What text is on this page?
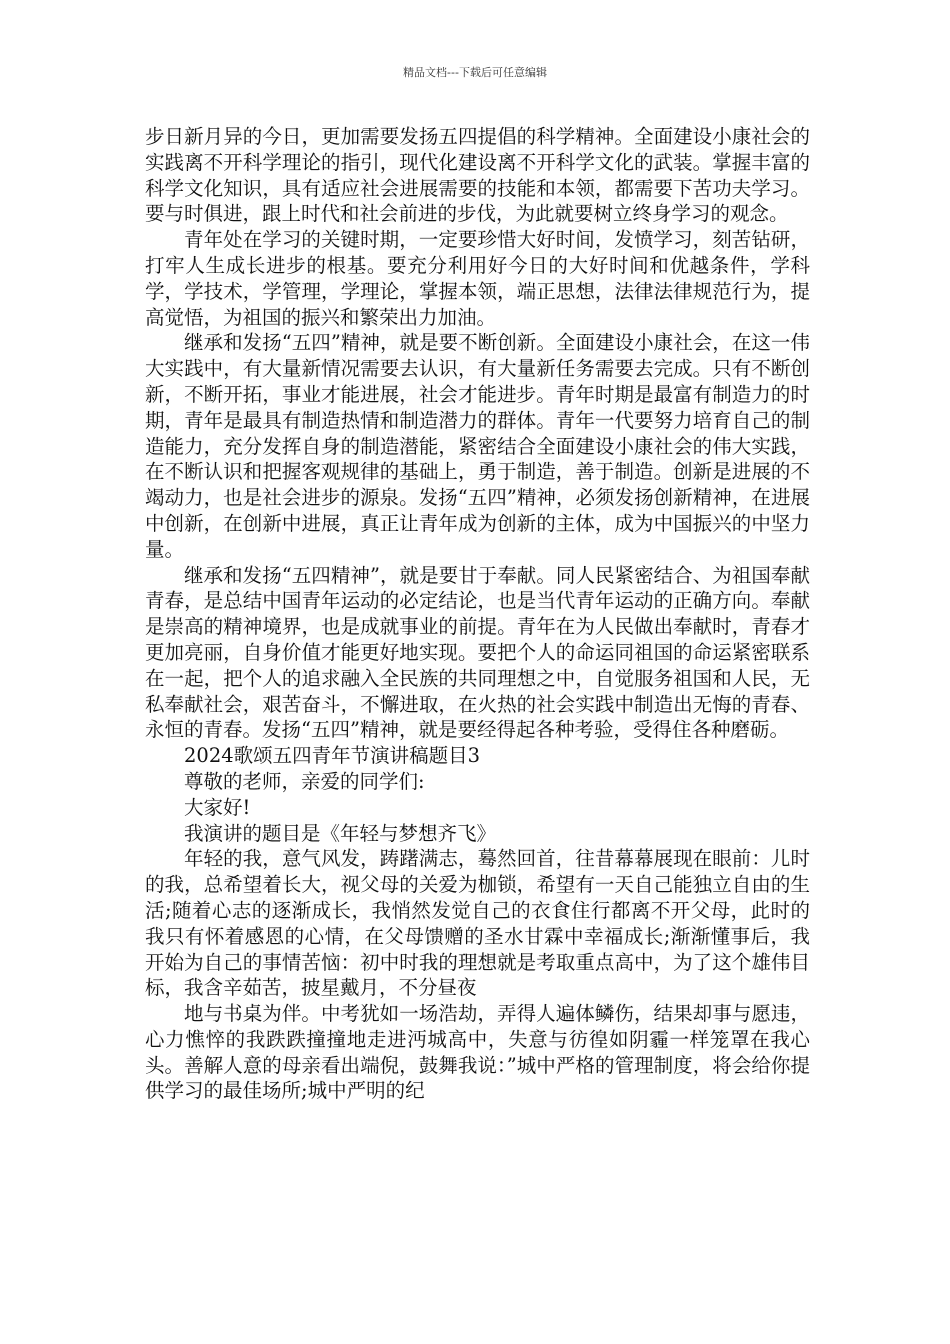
精品文档---下载后可任意编辑

步日新月异的今日，更加需要发扬五四提倡的科学精神。全面建设小康社会的实践离不开科学理论的指引，现代化建设离不开科学文化的武装。掌握丰富的科学文化知识，具有适应社会进展需要的技能和本领，都需要下苦功夫学习。要与时俱进，跟上时代和社会前进的步伐，为此就要树立终身学习的观念。

青年处在学习的关键时期，一定要珍惜大好时间，发愤学习，刻苦钻研，打牢人生成长进步的根基。要充分利用好今日的大好时间和优越条件，学科学，学技术，学管理，学理论，掌握本领，端正思想，法律法律规范行为，提高觉悟，为祖国的振兴和繁荣出力加油。

继承和发扬“五四”精神，就是要不断创新。全面建设小康社会，在这一伟大实践中，有大量新情况需要去认识，有大量新任务需要去完成。只有不断创新，不断开拓，事业才能进展，社会才能进步。青年时期是最富有制造力的时期，青年是最具有制造热情和制造潜力的群体。青年一代要努力培育自己的制造能力，充分发挥自身的制造潜能，紧密结合全面建设小康社会的伟大实践，在不断认识和把握客观规律的基础上，勇于制造，善于制造。创新是进展的不竭动力，也是社会进步的源泉。发扬“五四”精神，必须发扬创新精神，在进展中创新，在创新中进展，真正让青年成为创新的主体，成为中国振兴的中坚力量。

继承和发扬“五四精神”，就是要甘于奉献。同人民紧密结合、为祖国奉献青春，是总结中国青年运动的必定结论，也是当代青年运动的正确方向。奉献是崇高的精神境界，也是成就事业的前提。青年在为人民做出奉献时，青春才更加亮丽，自身价值才能更好地实现。要把个人的命运同祖国的命运紧密联系在一起，把个人的追求融入全民族的共同理想之中，自觉服务祖国和人民，无私奉献社会，艰苦奋斗，不懈进取，在火热的社会实践中制造出无悔的青春、永恒的青春。发扬“五四”精神，就是要经得起各种考验，受得住各种磨砺。

2024歌颂五四青年节演讲稿题目3

尊敬的老师，亲爱的同学们:

大家好!

我演讲的题目是《年轻与梦想齐飞》

年轻的我，意气风发，踌躇满志，蓦然回首，往昔幕幕展现在眼前：儿时的我，总希望着长大，视父母的关爱为枷锁，希望有一天自己能独立自由的生活;随着心志的逐渐成长，我悄然发觉自己的衣食住行都离不开父母，此时的我只有怀着感恩的心情，在父母馈赠的圣水甘霖中幸福成长;渐渐懂事后，我开始为自己的事情苦恼：初中时我的理想就是考取重点高中，为了这个雄伟目标，我含辛茹苦，披星戴月，不分昼夜

地与书桌为伴。中考犹如一场浩劫，弄得人遍体鳞伤，结果却事与愿违，心力憔悴的我跌跌撞撞地走进沔城高中，失意与彷徨如阴霾一样笼罩在我心头。善解人意的母亲看出端倪，鼓舞我说：”城中严格的管理制度，将会给你提供学习的最佳场所;城中严明的纪
